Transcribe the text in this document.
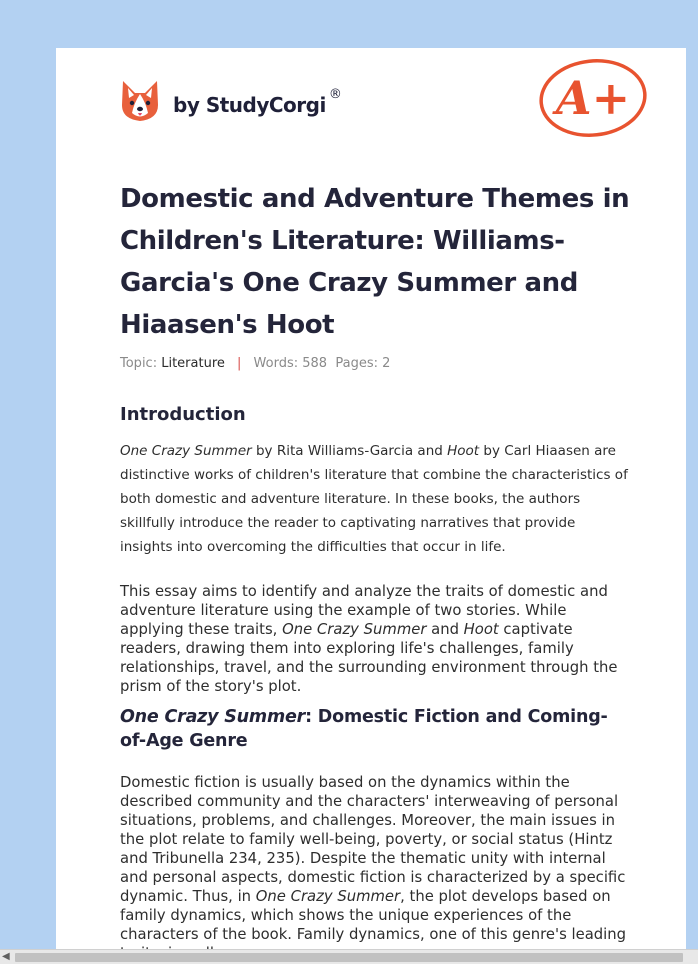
by StudyCorgi ®	A+
Domestic and Adventure Themes in Children's Literature: Williams-Garcia's One Crazy Summer and Hiaasen's Hoot
Topic: Literature | Words: 588 Pages: 2
Introduction

One Crazy Summer by Rita Williams-Garcia and Hoot by Carl Hiaasen are distinctive works of children's literature that combine the characteristics of both domestic and adventure literature. In these books, the authors skillfully introduce the reader to captivating narratives that provide insights into overcoming the difficulties that occur in life.

This essay aims to identify and analyze the traits of domestic and adventure literature using the example of two stories. While applying these traits, One Crazy Summer and Hoot captivate readers, drawing them into exploring life's challenges, family relationships, travel, and the surrounding environment through the prism of the story's plot.

One Crazy Summer: Domestic Fiction and Coming-of-Age Genre

Domestic fiction is usually based on the dynamics within the described community and the characters' interweaving of personal situations, problems, and challenges. Moreover, the main issues in the plot relate to family well-being, poverty, or social status (Hintz and Tribunella 234, 235). Despite the thematic unity with internal and personal aspects, domestic fiction is characterized by a specific dynamic. Thus, in One Crazy Summer, the plot develops based on family dynamics, which shows the unique experiences of the characters of the book. Family dynamics, one of this genre's leading

◀
